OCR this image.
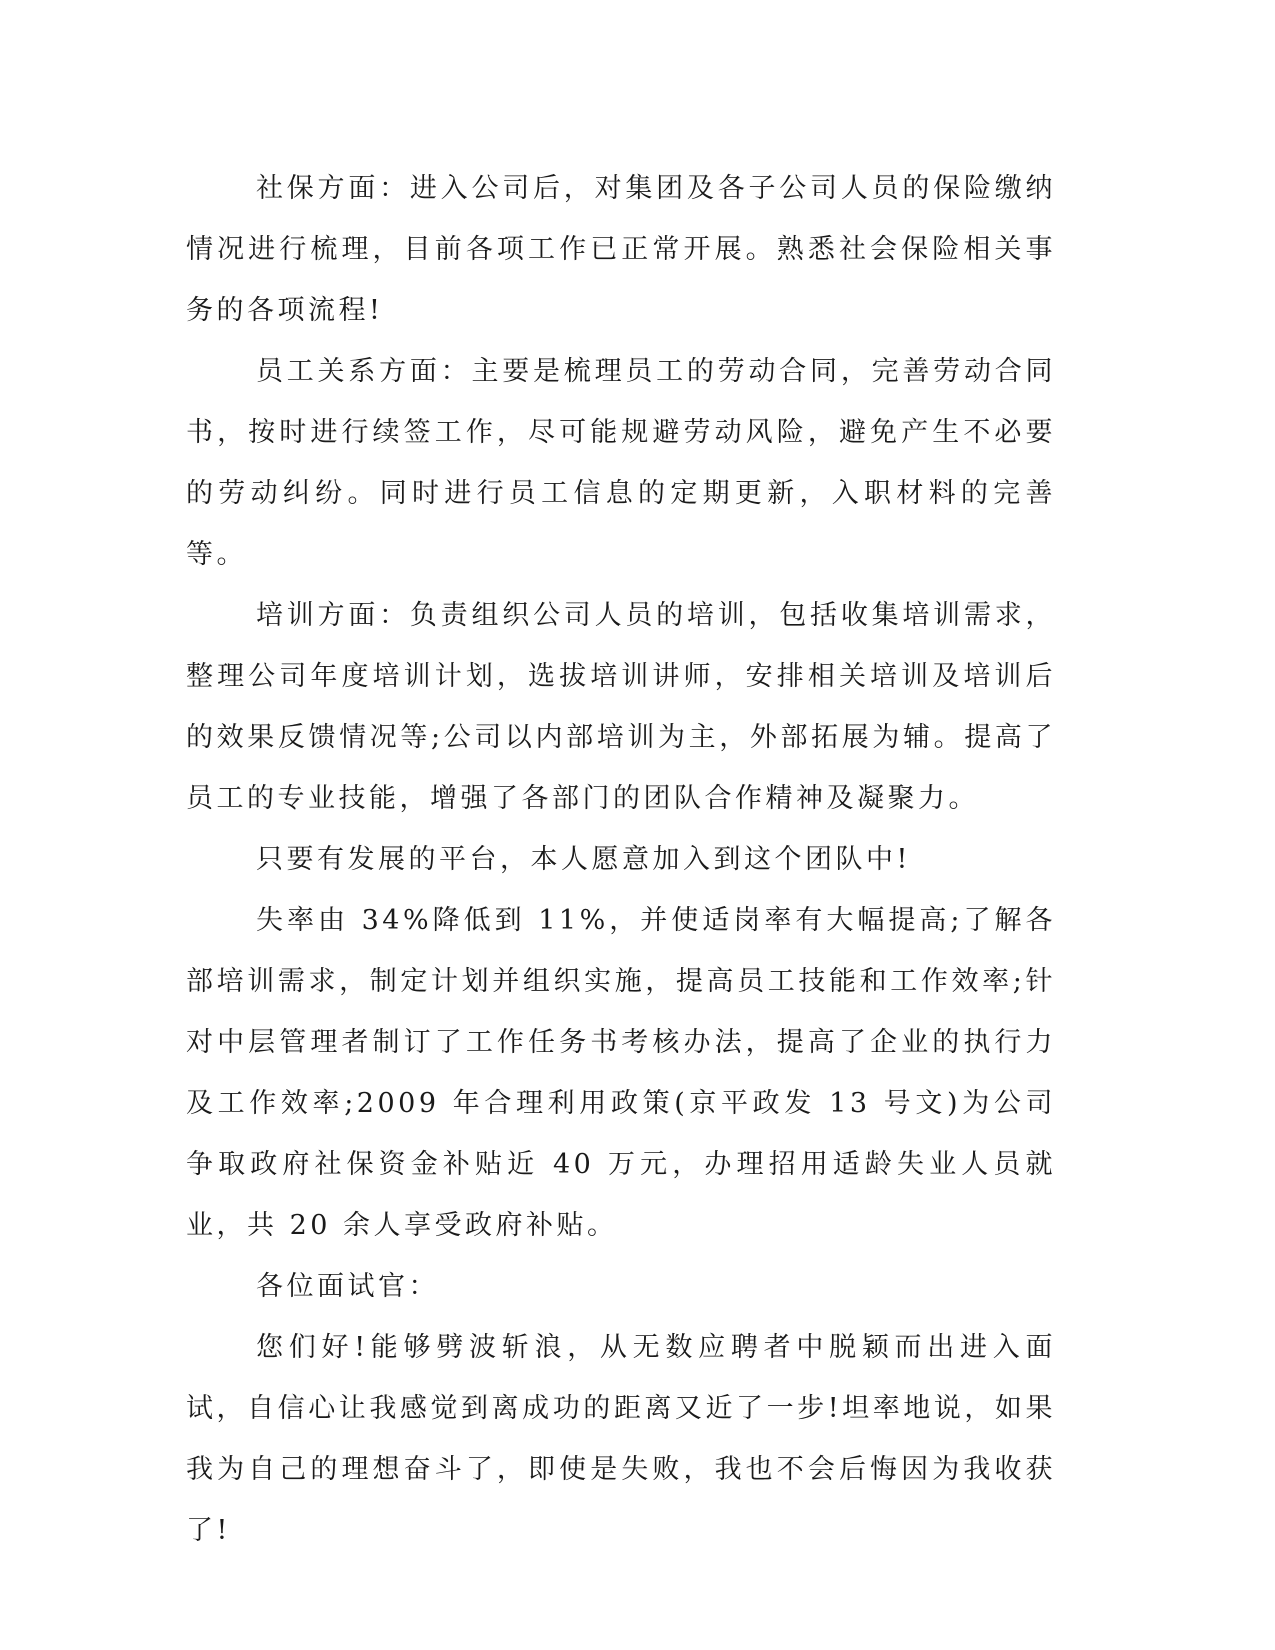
社保方面：进入公司后，对集团及各子公司人员的保险缴纳情况进行梳理，目前各项工作已正常开展。熟悉社会保险相关事务的各项流程!

员工关系方面：主要是梳理员工的劳动合同，完善劳动合同书，按时进行续签工作，尽可能规避劳动风险，避免产生不必要的劳动纠纷。同时进行员工信息的定期更新，入职材料的完善等。

培训方面：负责组织公司人员的培训，包括收集培训需求，整理公司年度培训计划，选拔培训讲师，安排相关培训及培训后的效果反馈情况等;公司以内部培训为主，外部拓展为辅。提高了员工的专业技能，增强了各部门的团队合作精神及凝聚力。

只要有发展的平台，本人愿意加入到这个团队中!

失率由 34%降低到 11%，并使适岗率有大幅提高;了解各部培训需求，制定计划并组织实施，提高员工技能和工作效率;针对中层管理者制订了工作任务书考核办法，提高了企业的执行力及工作效率;2009 年合理利用政策(京平政发 13 号文)为公司争取政府社保资金补贴近 40 万元，办理招用适龄失业人员就业，共 20 余人享受政府补贴。

各位面试官：

您们好!能够劈波斩浪，从无数应聘者中脱颖而出进入面试，自信心让我感觉到离成功的距离又近了一步!坦率地说，如果我为自己的理想奋斗了，即使是失败，我也不会后悔因为我收获了!
